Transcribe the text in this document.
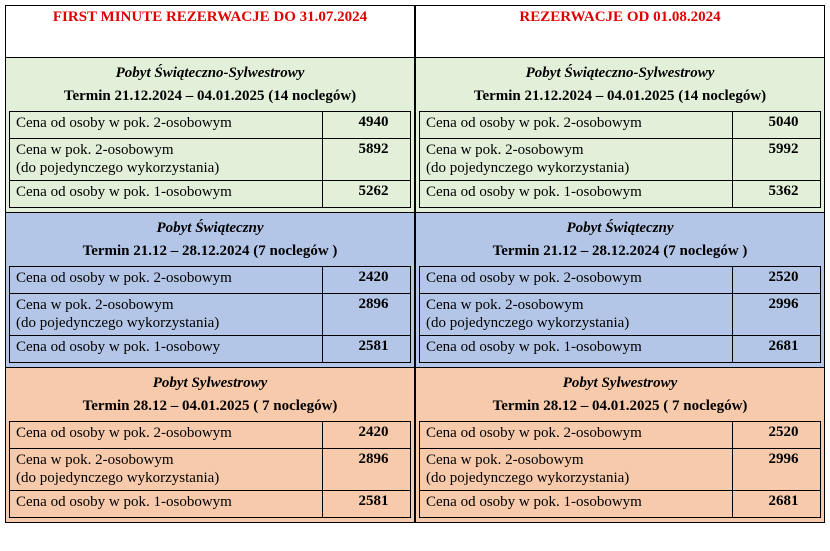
FIRST MINUTE REZERWACJE DO 31.07.2024
Pobyt Świąteczno-Sylwestrowy
Termin 21.12.2024 – 04.01.2025 (14 noclegów)
Cena od osoby w pok. 2-osobowym	4940
Cena w pok. 2-osobowym
(do pojedynczego wykorzystania)	5892
Cena od osoby w pok. 1-osobowym	5262
Pobyt Świąteczny
Termin 21.12 – 28.12.2024 (7 noclegów )
Cena od osoby w pok. 2-osobowym	2420
Cena w pok. 2-osobowym
(do pojedynczego wykorzystania)	2896
Cena od osoby w pok. 1-osobowy	2581
Pobyt Sylwestrowy
Termin 28.12 – 04.01.2025 ( 7 noclegów)
Cena od osoby w pok. 2-osobowym	2420
Cena w pok. 2-osobowym
(do pojedynczego wykorzystania)	2896
Cena od osoby w pok. 1-osobowym	2581
REZERWACJE OD 01.08.2024
Pobyt Świąteczno-Sylwestrowy
Termin 21.12.2024 – 04.01.2025 (14 noclegów)
Cena od osoby w pok. 2-osobowym	5040
Cena w pok. 2-osobowym
(do pojedynczego wykorzystania)	5992
Cena od osoby w pok. 1-osobowym	5362
Pobyt Świąteczny
Termin 21.12 – 28.12.2024 (7 noclegów )
Cena od osoby w pok. 2-osobowym	2520
Cena w pok. 2-osobowym
(do pojedynczego wykorzystania)	2996
Cena od osoby w pok. 1-osobowym	2681
Pobyt Sylwestrowy
Termin 28.12 – 04.01.2025 ( 7 noclegów)
Cena od osoby w pok. 2-osobowym	2520
Cena w pok. 2-osobowym
(do pojedynczego wykorzystania)	2996
Cena od osoby w pok. 1-osobowym	2681
